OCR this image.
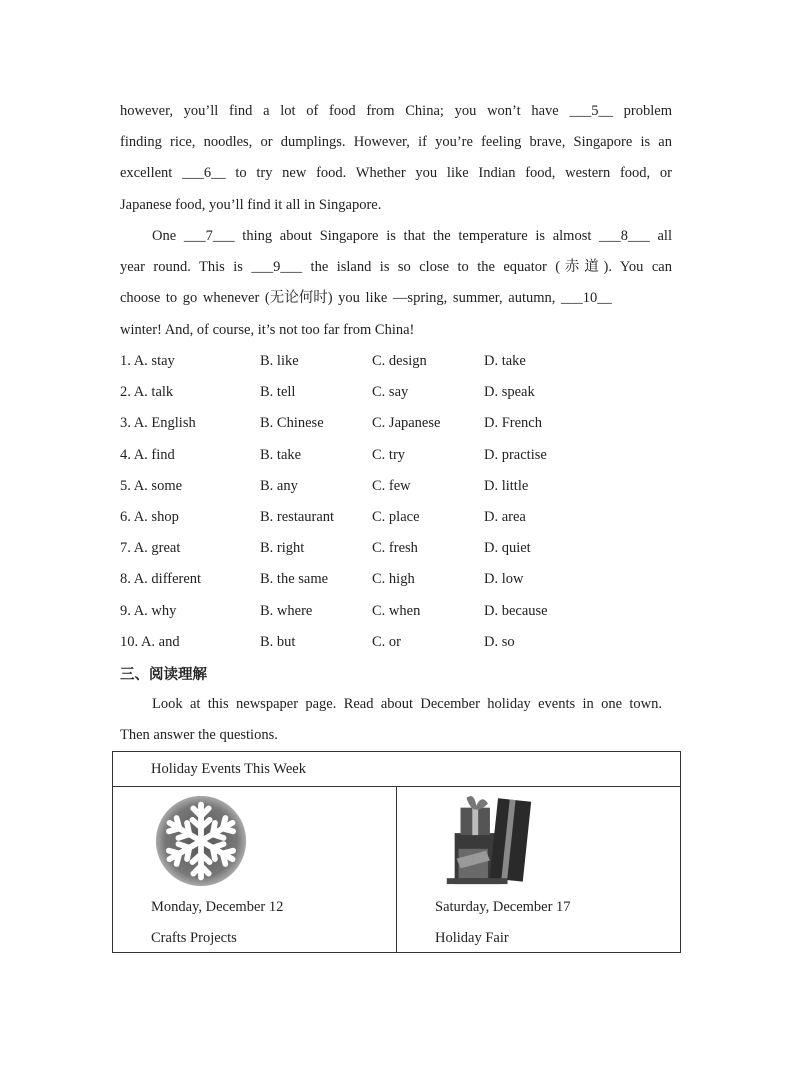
however, you’ll find a lot of food from China; you won’t have ___5__ problem
finding rice, noodles, or dumplings. However, if you’re feeling brave, Singapore is an
excellent ___6__ to try new food. Whether you like Indian food, western food, or
Japanese food, you’ll find it all in Singapore.
One ___7___ thing about Singapore is that the temperature is almost ___8___ all
year round. This is ___9___ the island is so close to the equator (赤道). You can
choose to go whenever (无论何时) you like —spring, summer, autumn, ___10__
winter! And, of course, it’s not too far from China!
1. A. stay	B. like	C. design	D. take
2. A. talk	B. tell	C. say	D. speak
3. A. English	B. Chinese	C. Japanese	D. French
4. A. find	B. take	C. try	D. practise
5. A. some	B. any	C. few	D. little
6. A. shop	B. restaurant	C. place	D. area
7. A. great	B. right	C. fresh	D. quiet
8. A. different	B. the same	C. high	D. low
9. A. why	B. where	C. when	D. because
10. A. and	B. but	C. or	D. so
三、阅读理解
Look at this newspaper page. Read about December holiday events in one town.
Then answer the questions.
Holiday Events This Week

Monday, December 12
Crafts Projects

Saturday, December 17
Holiday Fair
